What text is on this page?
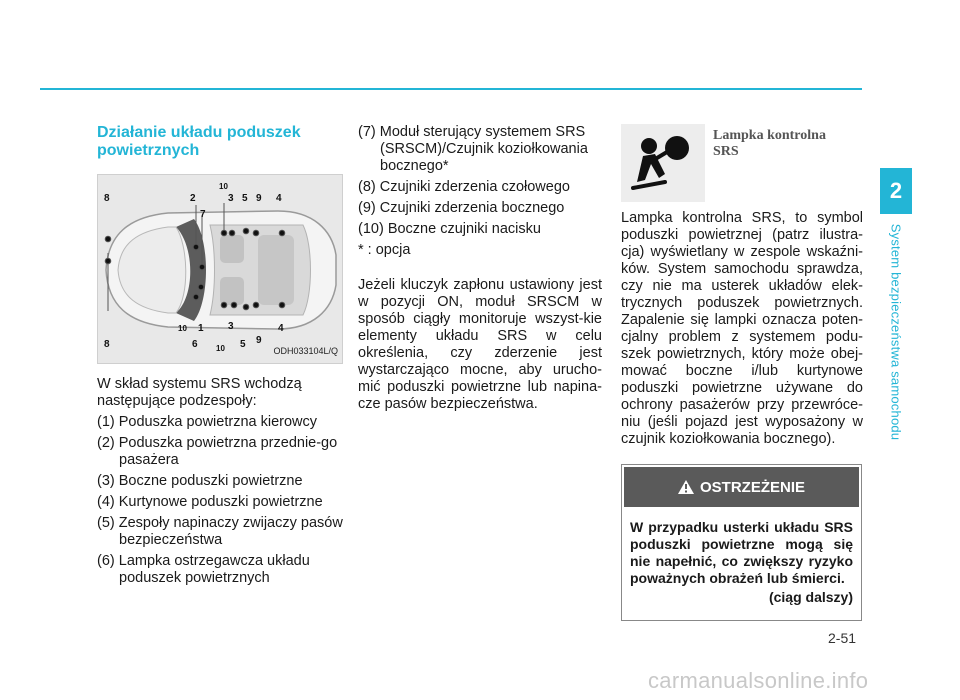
Działanie układu poduszek
powietrznych
8	2
10
3 5 9 4
7
10 1 3	4
8	6 10 5 9
ODH033104L/Q

W skład systemu SRS wchodzą następujące podzespoły:

(1) Poduszka powietrzna kierowcy
(2) Poduszka powietrzna przednie-go pasażera
(3) Boczne poduszki powietrzne
(4) Kurtynowe poduszki powietrzne
(5) Zespoły napinaczy zwijaczy pasów bezpieczeństwa
(6) Lampka ostrzegawcza układu poduszek powietrznych
(7) Moduł sterujący systemem SRS (SRSCM)/Czujnik koziołkowania bocznego*
(8) Czujniki zderzenia czołowego
(9) Czujniki zderzenia bocznego
(10) Boczne czujniki nacisku
* : opcja

Jeżeli kluczyk zapłonu ustawiony jest w pozycji ON, moduł SRSCM w sposób ciągły monitoruje wszyst-kie elementy układu SRS w celu określenia, czy zderzenie jest wystarczająco mocne, aby urucho-mić poduszki powietrzne lub napina-cze pasów bezpieczeństwa.

Lampka kontrolna
SRS

Lampka kontrolna SRS, to symbol poduszki powietrznej (patrz ilustra-cja) wyświetlany w zespole wskaźni-ków. System samochodu sprawdza, czy nie ma usterek układów elek-trycznych poduszek powietrznych. Zapalenie się lampki oznacza poten-cjalny problem z systemem podu-szek powietrznych, który może obej-mować boczne i/lub kurtynowe poduszki powietrzne używane do ochrony pasażerów przy przewróce-niu (jeśli pojazd jest wyposażony w czujnik koziołkowania bocznego).

OSTRZEŻENIE

W przypadku usterki układu SRS poduszki powietrzne mogą się nie napełnić, co zwiększy ryzyko poważnych obrażeń lub śmierci.

(ciąg dalszy)

2
System bezpieczeństwa samochodu
2-51
carmanualsonline.info
